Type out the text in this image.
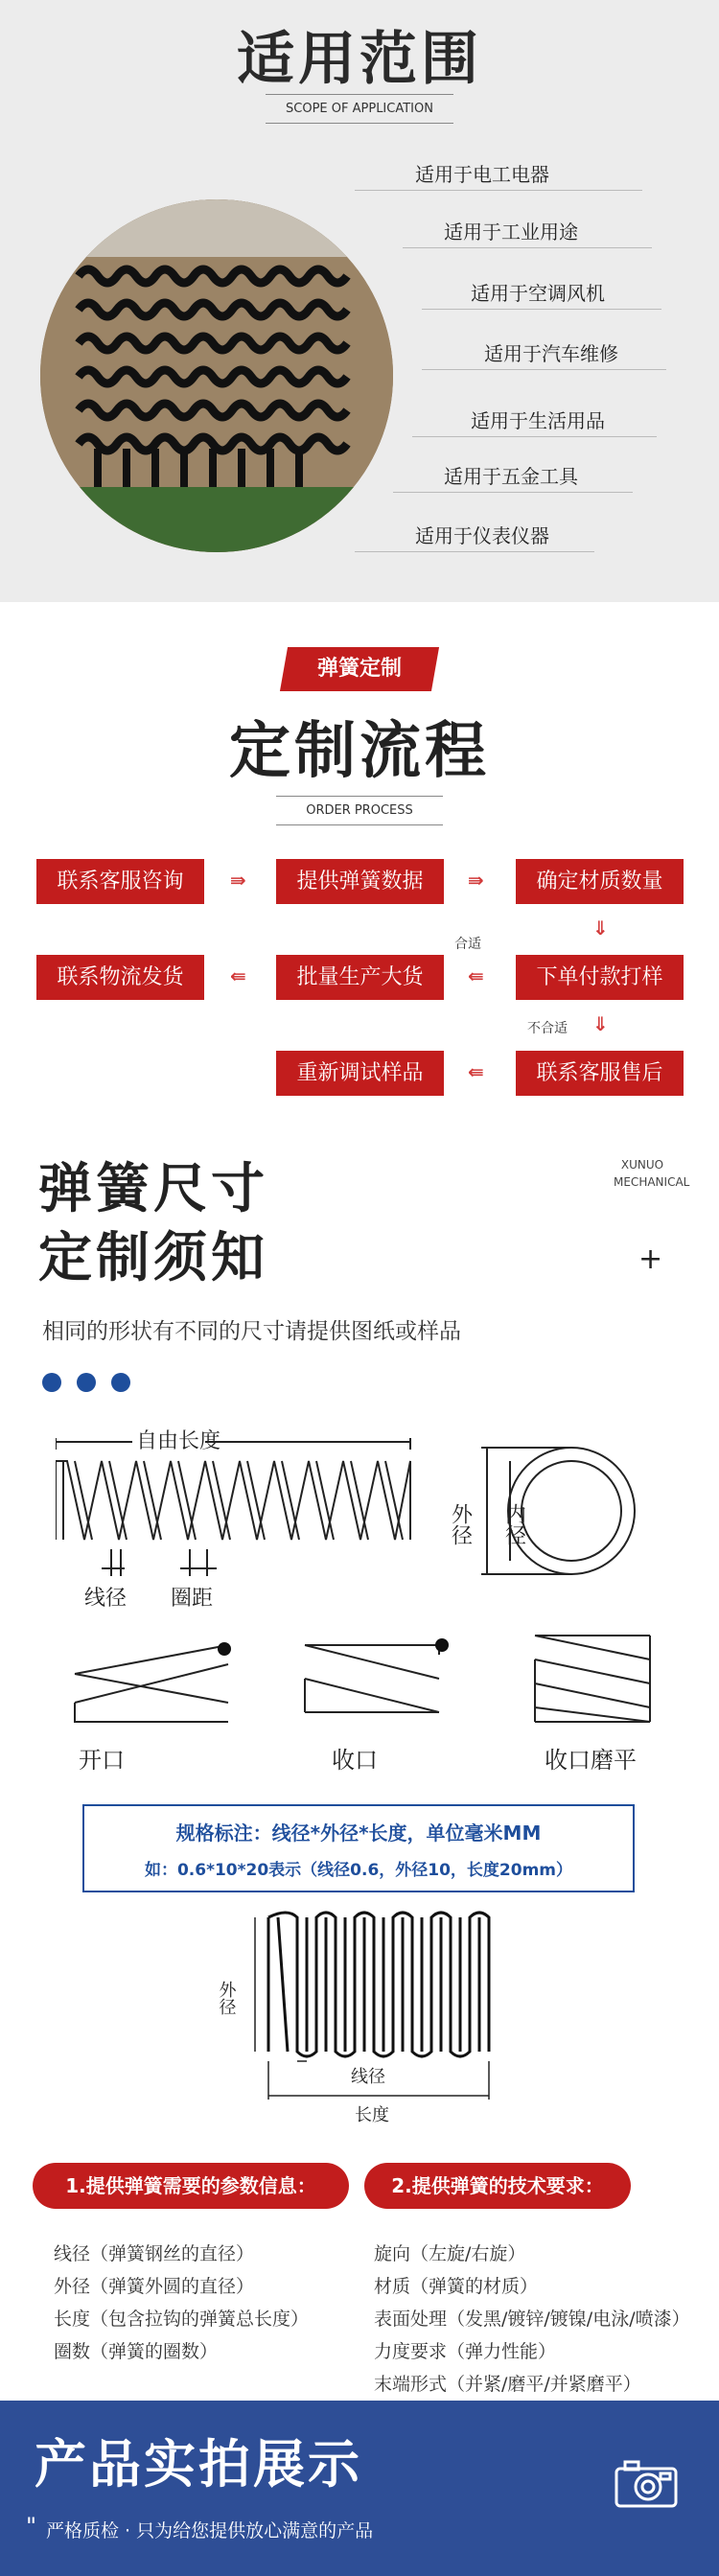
适用范围
SCOPE OF APPLICATION
适用于电工电器
适用于工业用途
适用于空调风机
适用于汽车维修
适用于生活用品
适用于五金工具
适用于仪表仪器
弹簧定制
定制流程
ORDER PROCESS
联系客服咨询	⇛	提供弹簧数据	⇛	确定材质数量
⇓
联系物流发货	⇚	批量生产大货
合适
⇚	下单付款打样
不合适 ⇓
重新调试样品	⇚	联系客服售后
弹簧尺寸
定制须知
XUNUO
MECHANICAL
+
相同的形状有不同的尺寸请提供图纸或样品
自由长度
线径 圈距
外径 内径
开口	收口	收口磨平
规格标注：线径*外径*长度，单位毫米MM
如：0.6*10*20表示（线径0.6，外径10，长度20mm）
外径
线径
长度
1.提供弹簧需要的参数信息：	2.提供弹簧的技术要求：
线径（弹簧钢丝的直径）
外径（弹簧外圆的直径）
长度（包含拉钩的弹簧总长度）
圈数（弹簧的圈数）
旋向（左旋/右旋）
材质（弹簧的材质）
表面处理（发黑/镀锌/镀镍/电泳/喷漆）
力度要求（弹力性能）
末端形式（并紧/磨平/并紧磨平）
产品实拍展示
" 严格质检 · 只为给您提供放心满意的产品
